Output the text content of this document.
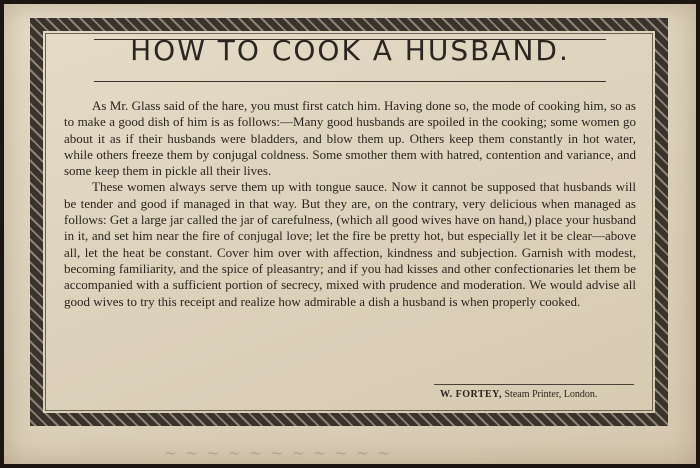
HOW TO COOK A HUSBAND.

As Mr. Glass said of the hare, you must first catch him. Having done so, the mode of cooking him, so as to make a good dish of him is as follows:—Many good husbands are spoiled in the cooking; some women go about it as if their husbands were bladders, and blow them up. Others keep them constantly in hot water, while others freeze them by conjugal coldness. Some smother them with hatred, contention and variance, and some keep them in pickle all their lives.

These women always serve them up with tongue sauce. Now it cannot be supposed that husbands will be tender and good if managed in that way. But they are, on the contrary, very delicious when managed as follows: Get a large jar called the jar of carefulness, (which all good wives have on hand,) place your husband in it, and set him near the fire of conjugal love; let the fire be pretty hot, but especially let it be clear—above all, let the heat be constant. Cover him over with affection, kindness and subjection. Garnish with modest, becoming familiarity, and the spice of pleasantry; and if you had kisses and other confectionaries let them be accompanied with a sufficient portion of secrecy, mixed with prudence and moderation. We would advise all good wives to try this receipt and realize how admirable a dish a husband is when properly cooked.

W. FORTEY, Steam Printer, London.
~ ~ ~ ~ ~ ~ ~ ~ ~ ~ ~
